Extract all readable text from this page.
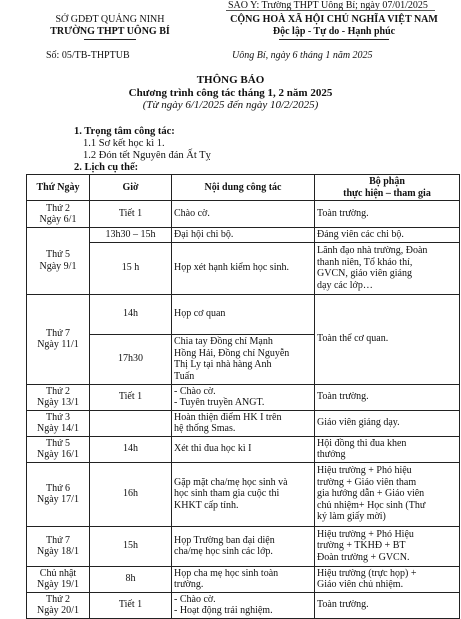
SAO Y: Trường THPT Uông Bí; ngày 07/01/2025
SỞ GDĐT QUẢNG NINH
TRƯỜNG THPT UÔNG BÍ
CỘNG HOÀ XÃ HỘI CHỦ NGHĨA VIỆT NAM
Độc lập - Tự do - Hạnh phúc
Số: 05/TB-THPTUB	Uông Bí, ngày 6 tháng 1 năm 2025
THÔNG BÁO
Chương trình công tác tháng 1, 2 năm 2025
(Từ ngày 6/1/2025 đến ngày 10/2/2025)
1. Trọng tâm công tác:
1.1 Sơ kết học kì 1.
1.2 Đón tết Nguyên đán Ất Tỵ
2. Lịch cụ thể:
Thứ Ngày	Giờ	Nội dung công tác	Bộ phận
thực hiện – tham gia

Thứ 2
Ngày 6/1	Tiết 1	Chào cờ.	Toàn trường.

Thứ 5
Ngày 9/1	13h30 – 15h	Đại hội chi bộ.	Đảng viên các chi bộ.

	15 h	Họp xét hạnh kiểm học sinh.	Lãnh đạo nhà trường, Đoàn
thanh niên, Tổ khảo thí,
GVCN, giáo viên giảng
dạy các lớp…

Thứ 7
Ngày 11/1	14h	Họp cơ quan	Toàn thể cơ quan.

	17h30	Chia tay Đồng chí Mạnh
Hồng Hải, Đồng chí Nguyễn
Thị Ly tại nhà hàng Anh
Tuấn	

Thứ 2
Ngày 13/1	Tiết 1	- Chào cờ.
- Tuyên truyền ANGT.	Toàn trường.

Thứ 3
Ngày 14/1		Hoàn thiện điểm HK I trên
hệ thống Smas.	Giáo viên giảng dạy.

Thứ 5
Ngày 16/1	14h	Xét thi đua học kì I	Hội đồng thi đua khen
thưởng

Thứ 6
Ngày 17/1	16h	Gặp mặt cha/mẹ học sinh và
học sinh tham gia cuộc thi
KHKT cấp tỉnh.	Hiệu trường + Phó hiệu
trường + Giáo viên tham
gia hướng dẫn + Giáo viên
chủ nhiệm+ Học sinh (Thư
ký làm giấy mời)

Thứ 7
Ngày 18/1	15h	Họp Trường ban đại diện
cha/mẹ học sinh các lớp.	Hiệu trường + Phó Hiệu
trường + TKHĐ + BT
Đoàn trường + GVCN.

Chủ nhật
Ngày 19/1	8h	Họp cha mẹ học sinh toàn
trường.	Hiệu trường (trực họp) +
Giáo viên chủ nhiệm.

Thứ 2
Ngày 20/1	Tiết 1	- Chào cờ.
- Hoạt động trải nghiệm.	Toàn trường.
